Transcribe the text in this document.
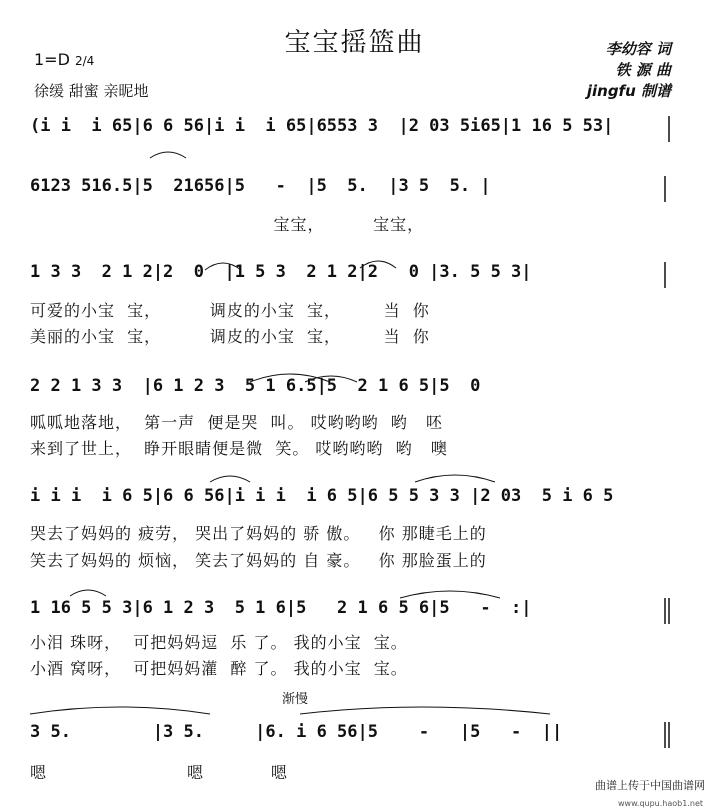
宝宝摇篮曲
1=D 2/4
徐缓 甜蜜 亲昵地
李幼容 词
铁 源 曲
jingfu 制谱
(i i  i 65|6 6 56|i i  i 65|6553 3  |2 03 5i65|1 16 5 53|
6123 516.5|5  21656|5   -  |5  5.  |3 5  5. |
宝宝，        宝宝，
1 3 3  2 1 2|2  0  |1 5 3  2 1 2|2   0 |3. 5 5 3|
可爱的小宝  宝，        调皮的小宝  宝，       当  你
美丽的小宝  宝，        调皮的小宝  宝，       当  你
2 2 1 3 3  |6 1 2 3  5 1 6.5|5  2 1 6 5|5  0
呱呱地落地，  第一声  便是哭  叫。 哎哟哟哟  哟   呸
来到了世上，  睁开眼睛便是微  笑。 哎哟哟哟  哟   噢
i i i  i 6 5|6 6 56|i i i  i 6 5|6 5 5 3 3 |2 03  5 i 6 5
哭去了妈妈的 疲劳， 哭出了妈妈的 骄 傲。   你 那睫毛上的
笑去了妈妈的 烦恼， 笑去了妈妈的 自 豪。   你 那脸蛋上的
1 16 5 5 3|6 1 2 3  5 1 6|5   2 1 6 5 6|5   -  :|
小泪 珠呀，  可把妈妈逗  乐 了。 我的小宝  宝。
小酒 窝呀，  可把妈妈灌  醉 了。 我的小宝  宝。
渐慢
3 5.        |3 5.     |6. i 6 56|5    -   |5   -  ||
嗯                       嗯           嗯
曲谱上传于中国曲谱网
www.qupu.haob1.net
